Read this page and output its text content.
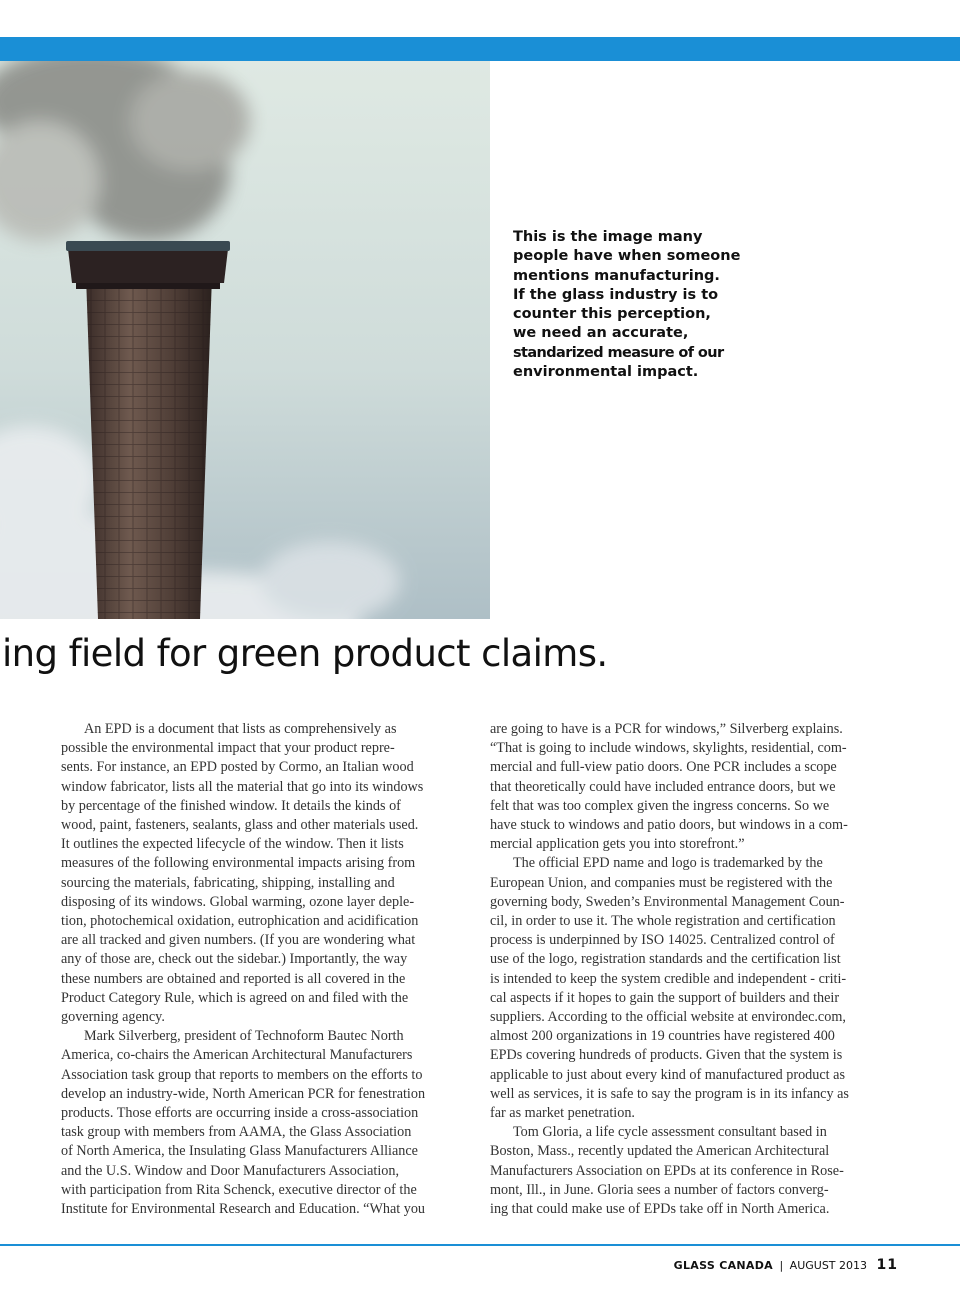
This is the image many
people have when someone
mentions manufacturing.
If the glass industry is to
counter this perception,
we need an accurate,
standarized measure of our
environmental impact.

ing field for green product claims.
An EPD is a document that lists as comprehensively as
possible the environmental impact that your product repre-
sents. For instance, an EPD posted by Cormo, an Italian wood
window fabricator, lists all the material that go into its windows
by percentage of the finished window. It details the kinds of
wood, paint, fasteners, sealants, glass and other materials used.
It outlines the expected lifecycle of the window. Then it lists
measures of the following environmental impacts arising from
sourcing the materials, fabricating, shipping, installing and
disposing of its windows. Global warming, ozone layer deple-
tion, photochemical oxidation, eutrophication and acidification
are all tracked and given numbers. (If you are wondering what
any of those are, check out the sidebar.) Importantly, the way
these numbers are obtained and reported is all covered in the
Product Category Rule, which is agreed on and filed with the
governing agency.
Mark Silverberg, president of Technoform Bautec North
America, co-chairs the American Architectural Manufacturers
Association task group that reports to members on the efforts to
develop an industry-wide, North American PCR for fenestration
products. Those efforts are occurring inside a cross-association
task group with members from AAMA, the Glass Association
of North America, the Insulating Glass Manufacturers Alliance
and the U.S. Window and Door Manufacturers Association,
with participation from Rita Schenck, executive director of the
Institute for Environmental Research and Education. “What you
are going to have is a PCR for windows,” Silverberg explains.
“That is going to include windows, skylights, residential, com-
mercial and full-view patio doors. One PCR includes a scope
that theoretically could have included entrance doors, but we
felt that was too complex given the ingress concerns. So we
have stuck to windows and patio doors, but windows in a com-
mercial application gets you into storefront.”
The official EPD name and logo is trademarked by the
European Union, and companies must be registered with the
governing body, Sweden’s Environmental Management Coun-
cil, in order to use it. The whole registration and certification
process is underpinned by ISO 14025. Centralized control of
use of the logo, registration standards and the certification list
is intended to keep the system credible and independent - criti-
cal aspects if it hopes to gain the support of builders and their
suppliers. According to the official website at environdec.com,
almost 200 organizations in 19 countries have registered 400
EPDs covering hundreds of products. Given that the system is
applicable to just about every kind of manufactured product as
well as services, it is safe to say the program is in its infancy as
far as market penetration.
Tom Gloria, a life cycle assessment consultant based in
Boston, Mass., recently updated the American Architectural
Manufacturers Association on EPDs at its conference in Rose-
mont, Ill., in June. Gloria sees a number of factors converg-
ing that could make use of EPDs take off in North America.
GLASS CANADA | AUGUST 2013 11
